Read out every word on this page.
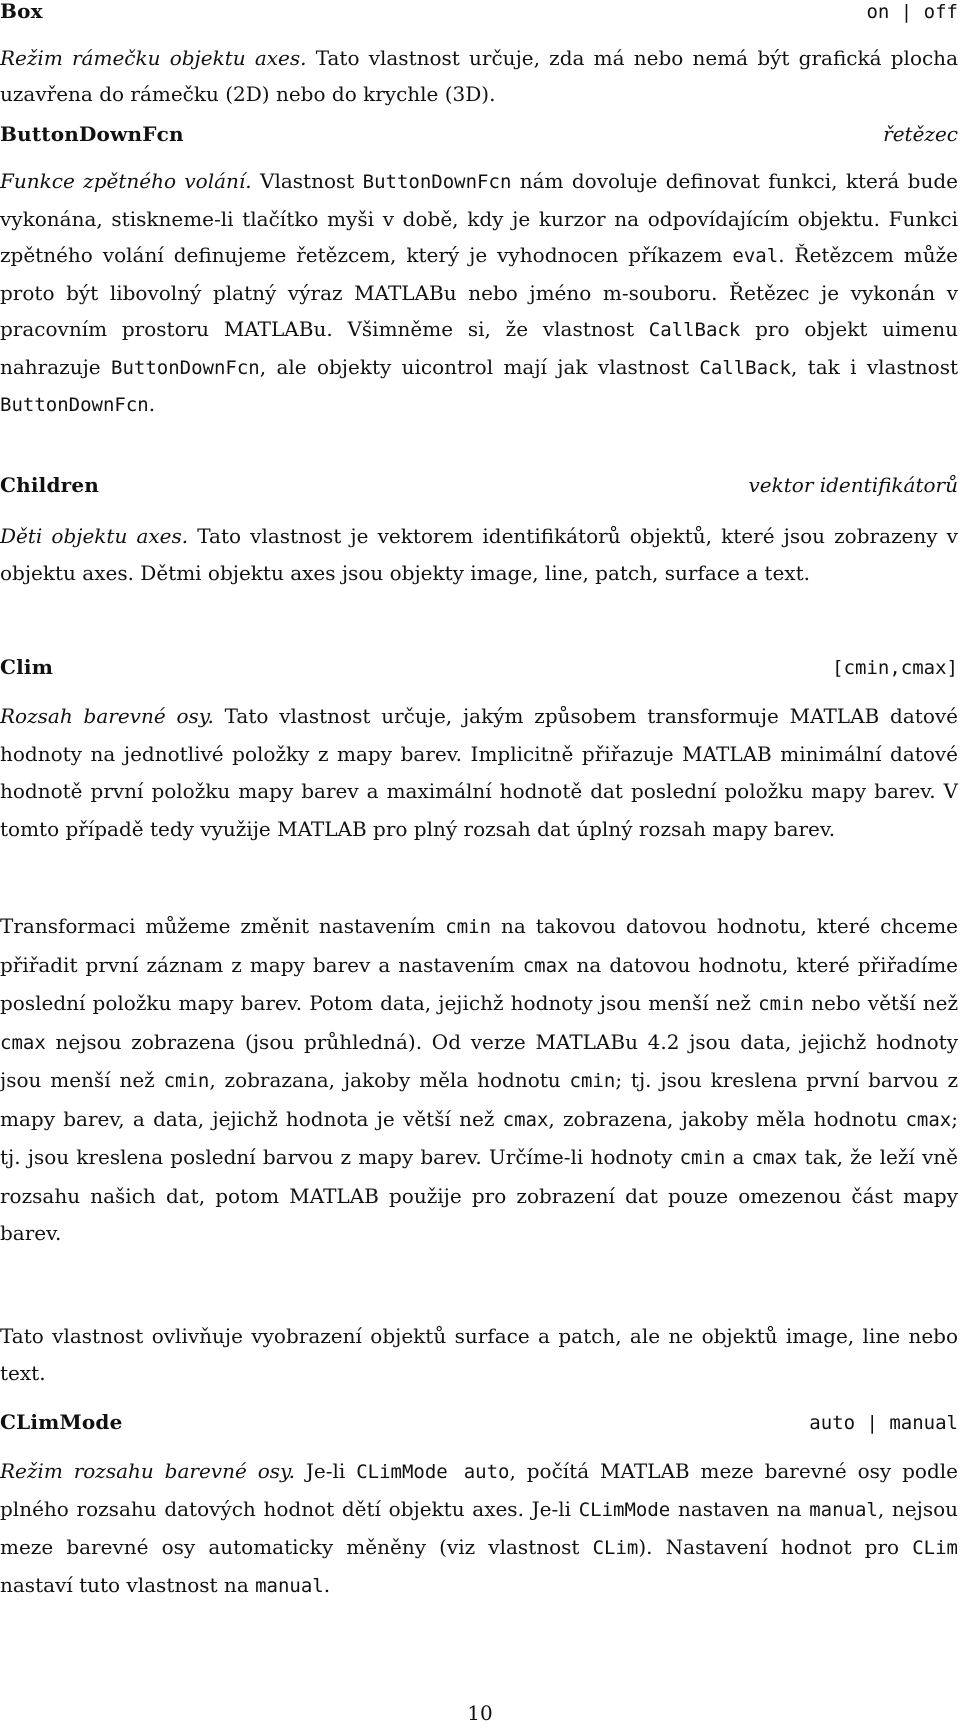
Box	on | off

Režim rámečku objektu axes. Tato vlastnost určuje, zda má nebo nemá být grafická plocha uzavřena do rámečku (2D) nebo do krychle (3D).

ButtonDownFcn	řetězec

Funkce zpětného volání. Vlastnost ButtonDownFcn nám dovoluje definovat funkci, která bude vykonána, stiskneme-li tlačítko myši v době, kdy je kurzor na odpovídajícím objektu. Funkci zpětného volání definujeme řetězcem, který je vyhodnocen příkazem eval. Řetězcem může proto být libovolný platný výraz MATLABu nebo jméno m-souboru. Řetězec je vykonán v pracovním prostoru MATLABu. Všimněme si, že vlastnost CallBack pro objekt uimenu nahrazuje ButtonDownFcn, ale objekty uicontrol mají jak vlastnost CallBack, tak i vlastnost ButtonDownFcn.

Children	vektor identifikátorů

Děti objektu axes. Tato vlastnost je vektorem identifikátorů objektů, které jsou zobrazeny v objektu axes. Dětmi objektu axes jsou objekty image, line, patch, surface a text.

Clim	[cmin,cmax]

Rozsah barevné osy. Tato vlastnost určuje, jakým způsobem transformuje MATLAB datové hodnoty na jednotlivé položky z mapy barev. Implicitně přiřazuje MATLAB minimální datové hodnotě první položku mapy barev a maximální hodnotě dat poslední položku mapy barev. V tomto případě tedy využije MATLAB pro plný rozsah dat úplný rozsah mapy barev.

Transformaci můžeme změnit nastavením cmin na takovou datovou hodnotu, které chceme přiřadit první záznam z mapy barev a nastavením cmax na datovou hodnotu, které přiřadíme poslední položku mapy barev. Potom data, jejichž hodnoty jsou menší než cmin nebo větší než cmax nejsou zobrazena (jsou průhledná). Od verze MATLABu 4.2 jsou data, jejichž hodnoty jsou menší než cmin, zobrazana, jakoby měla hodnotu cmin; tj. jsou kreslena první barvou z mapy barev, a data, jejichž hodnota je větší než cmax, zobrazena, jakoby měla hodnotu cmax; tj. jsou kreslena poslední barvou z mapy barev. Určíme-li hodnoty cmin a cmax tak, že leží vně rozsahu našich dat, potom MATLAB použije pro zobrazení dat pouze omezenou část mapy barev.

Tato vlastnost ovlivňuje vyobrazení objektů surface a patch, ale ne objektů image, line nebo text.

CLimMode	auto | manual

Režim rozsahu barevné osy. Je-li CLimMode auto, počítá MATLAB meze barevné osy podle plného rozsahu datových hodnot dětí objektu axes. Je-li CLimMode nastaven na manual, nejsou meze barevné osy automaticky měněny (viz vlastnost CLim). Nastavení hodnot pro CLim nastaví tuto vlastnost na manual.

10
